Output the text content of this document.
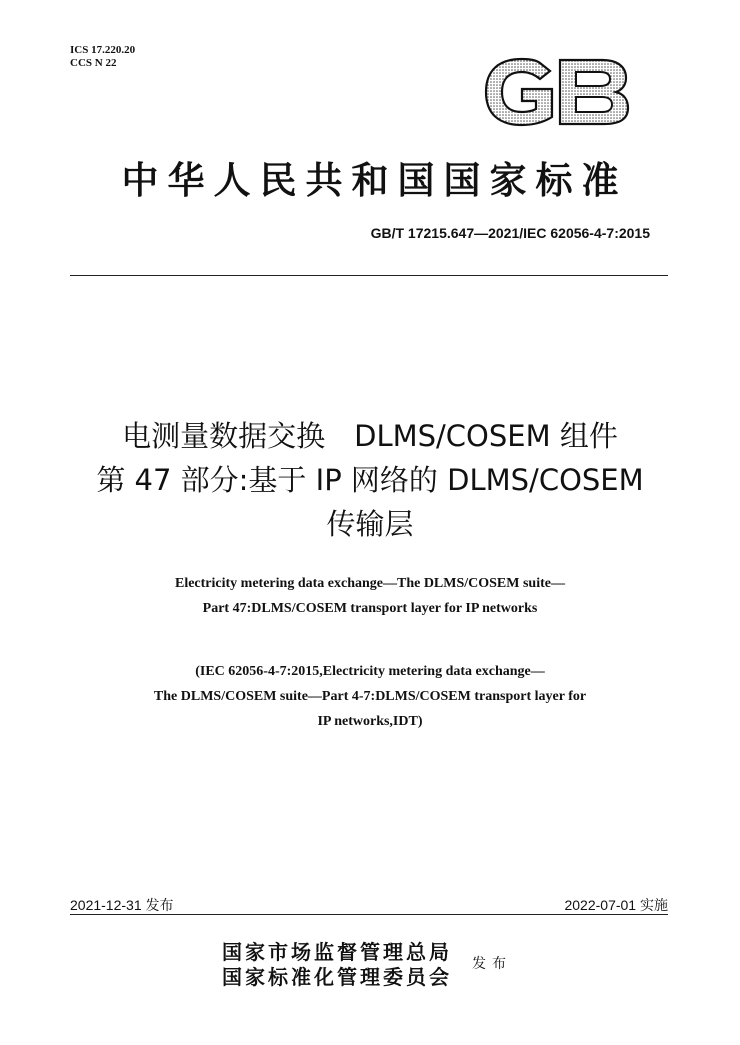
ICS 17.220.20
CCS N 22
中华人民共和国国家标准
GB/T 17215.647—2021/IEC 62056-4-7:2015
电测量数据交换　DLMS/COSEM 组件
第 47 部分:基于 IP 网络的 DLMS/COSEM
传输层
Electricity metering data exchange—The DLMS/COSEM suite—
Part 47:DLMS/COSEM transport layer for IP networks
(IEC 62056-4-7:2015,Electricity metering data exchange—
The DLMS/COSEM suite—Part 4-7:DLMS/COSEM transport layer for
IP networks,IDT)
2021-12-31 发布	2022-07-01 实施
国家市场监督管理总局
国家标准化管理委员会
发布
